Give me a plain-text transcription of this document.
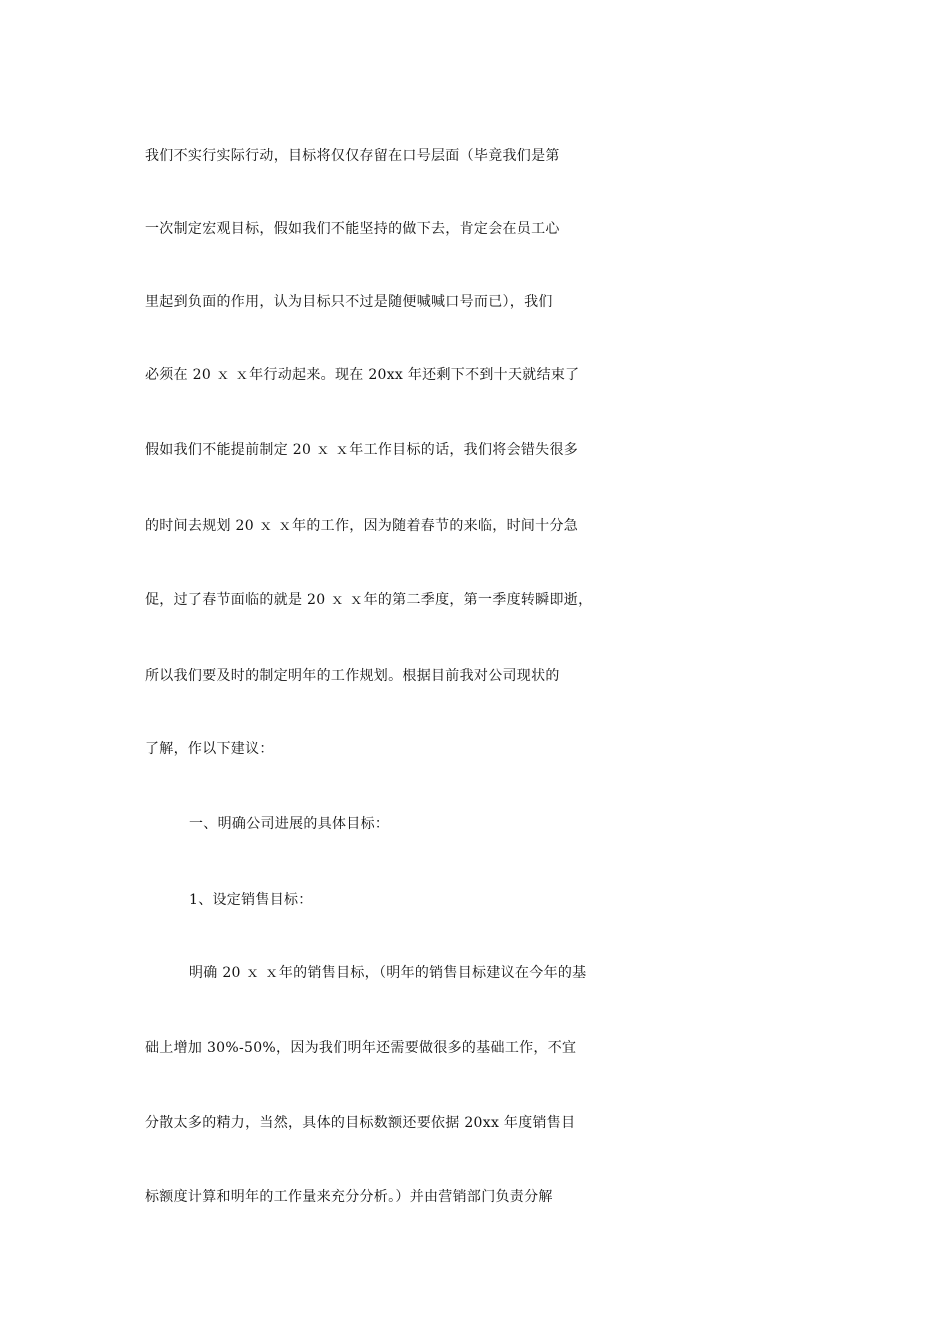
我们不实行实际行动，目标将仅仅存留在口号层面（毕竟我们是第
一次制定宏观目标，假如我们不能坚持的做下去，肯定会在员工心
里起到负面的作用，认为目标只不过是随便喊喊口号而已），我们
必须在 20 ｘ ｘ年行动起来。现在 20xx 年还剩下不到十天就结束了
假如我们不能提前制定 20 ｘ ｘ年工作目标的话，我们将会错失很多
的时间去规划 20 ｘ ｘ年的工作，因为随着春节的来临，时间十分急
促，过了春节面临的就是 20 ｘ ｘ年的第二季度，第一季度转瞬即逝，
所以我们要及时的制定明年的工作规划。根据目前我对公司现状的
了解，作以下建议：
一、明确公司进展的具体目标：
1、设定销售目标：
明确 20 ｘ ｘ年的销售目标，（明年的销售目标建议在今年的基
础上增加 30%-50%，因为我们明年还需要做很多的基础工作，不宜
分散太多的精力，当然，具体的目标数额还要依据 20xx 年度销售目
标额度计算和明年的工作量来充分分析。）并由营销部门负责分解
